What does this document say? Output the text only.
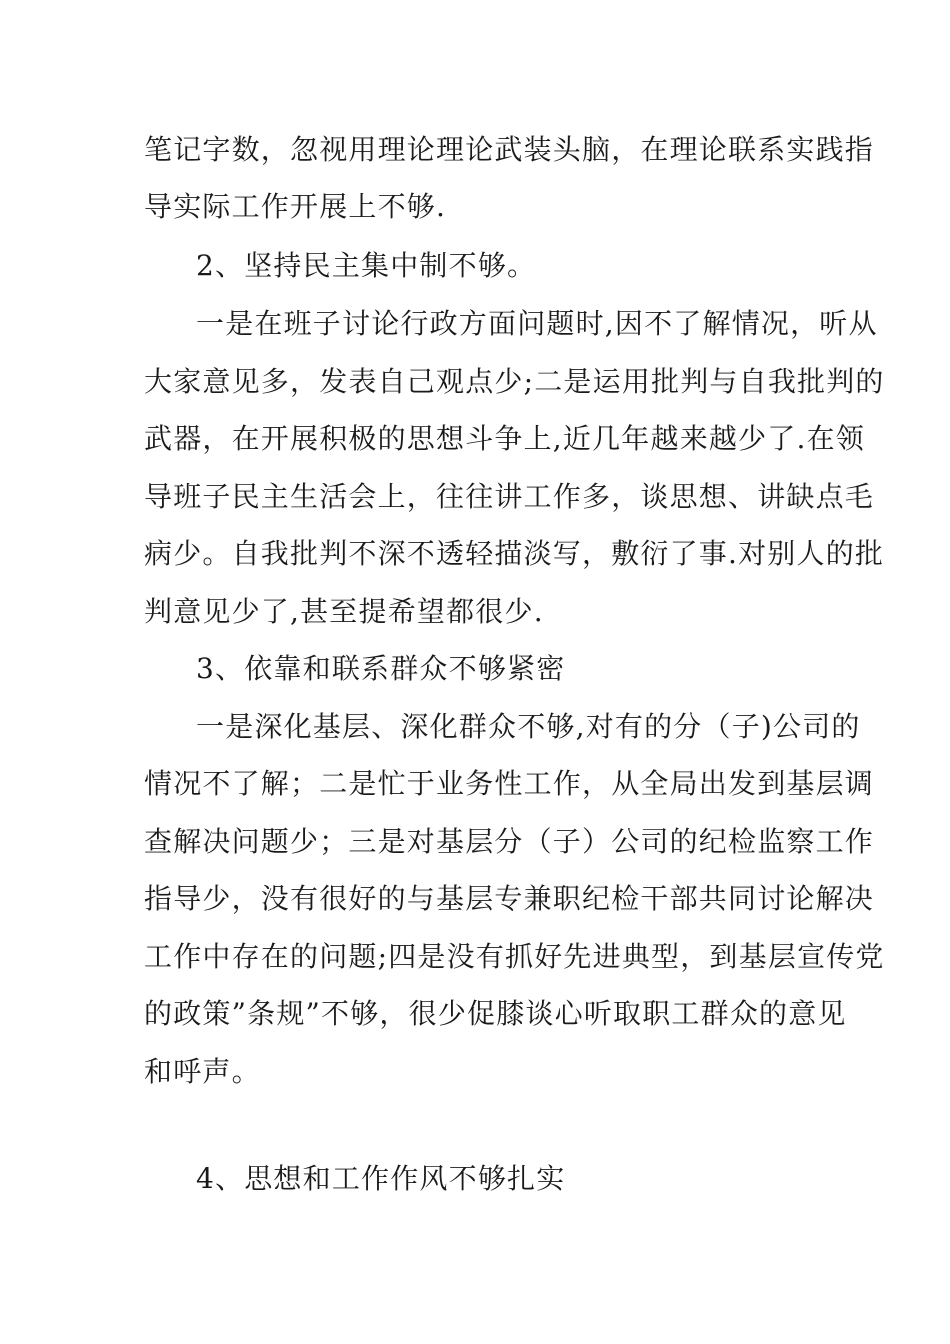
笔记字数，忽视用理论理论武装头脑，在理论联系实践指
导实际工作开展上不够.
2、坚持民主集中制不够。
一是在班子讨论行政方面问题时,因不了解情况，听从
大家意见多，发表自己观点少;二是运用批判与自我批判的
武器，在开展积极的思想斗争上,近几年越来越少了.在领
导班子民主生活会上，往往讲工作多，谈思想、讲缺点毛
病少。自我批判不深不透轻描淡写，敷衍了事.对别人的批
判意见少了,甚至提希望都很少.
3、依靠和联系群众不够紧密
一是深化基层、深化群众不够,对有的分（子)公司的
情况不了解；二是忙于业务性工作，从全局出发到基层调
查解决问题少；三是对基层分（子）公司的纪检监察工作
指导少，没有很好的与基层专兼职纪检干部共同讨论解决
工作中存在的问题;四是没有抓好先进典型，到基层宣传党
的政策”条规”不够，很少促膝谈心听取职工群众的意见
和呼声。
4、思想和工作作风不够扎实
